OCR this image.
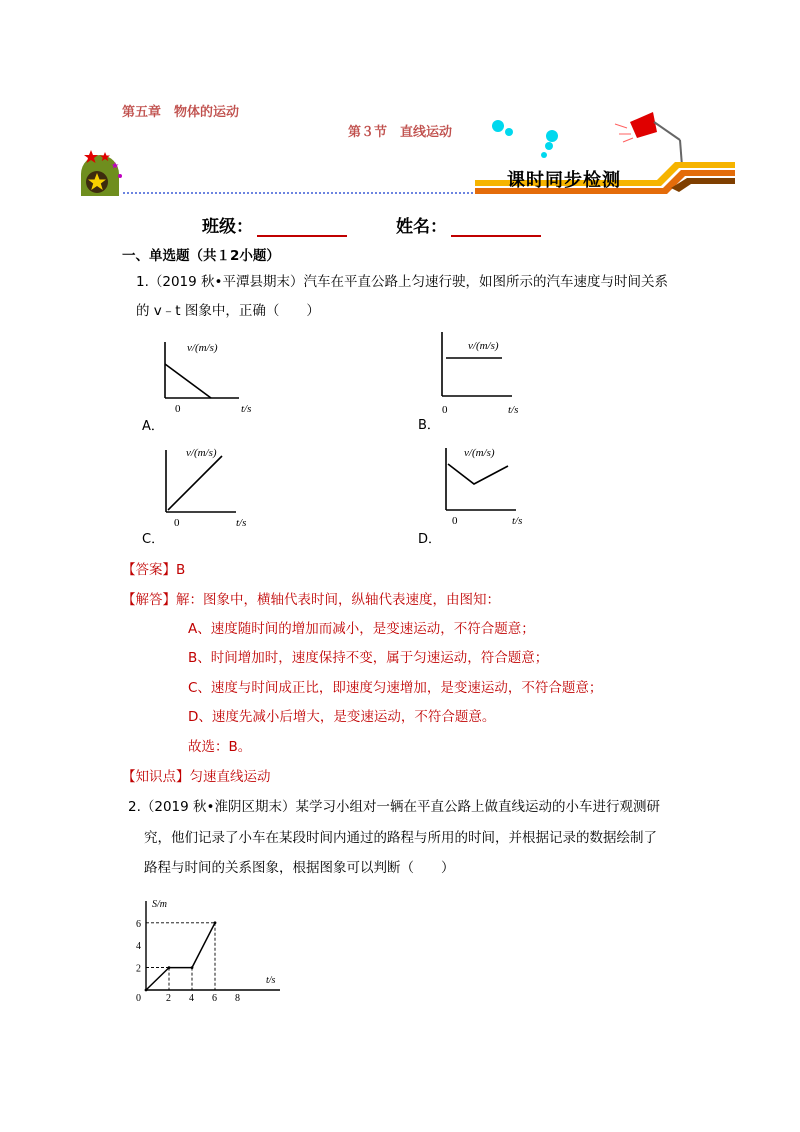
第五章　物体的运动
第３节　直线运动
课时同步检测
班级：	姓名：
一、单选题（共１2小题）
1.（2019 秋•平潭县期末）汽车在平直公路上匀速行驶，如图所示的汽车速度与时间关系
的 v﹣t 图象中，正确（　　）
v/(m/s)
0	t/s
A．
v/(m/s)
0	t/s
B．
v/(m/s)
0	t/s
C．
v/(m/s)
0	t/s
D．
【答案】B
【解答】解：图象中，横轴代表时间，纵轴代表速度，由图知：
A、速度随时间的增加而减小，是变速运动，不符合题意；
B、时间增加时，速度保持不变，属于匀速运动，符合题意；
C、速度与时间成正比，即速度匀速增加，是变速运动，不符合题意；
D、速度先减小后增大，是变速运动，不符合题意。
故选：B。
【知识点】匀速直线运动
2.（2019 秋•淮阴区期末）某学习小组对一辆在平直公路上做直线运动的小车进行观测研
究，他们记录了小车在某段时间内通过的路程与所用的时间，并根据记录的数据绘制了
路程与时间的关系图象，根据图象可以判断（　　）
S/m
t/s
0
6
4
2
2 4 6 8
